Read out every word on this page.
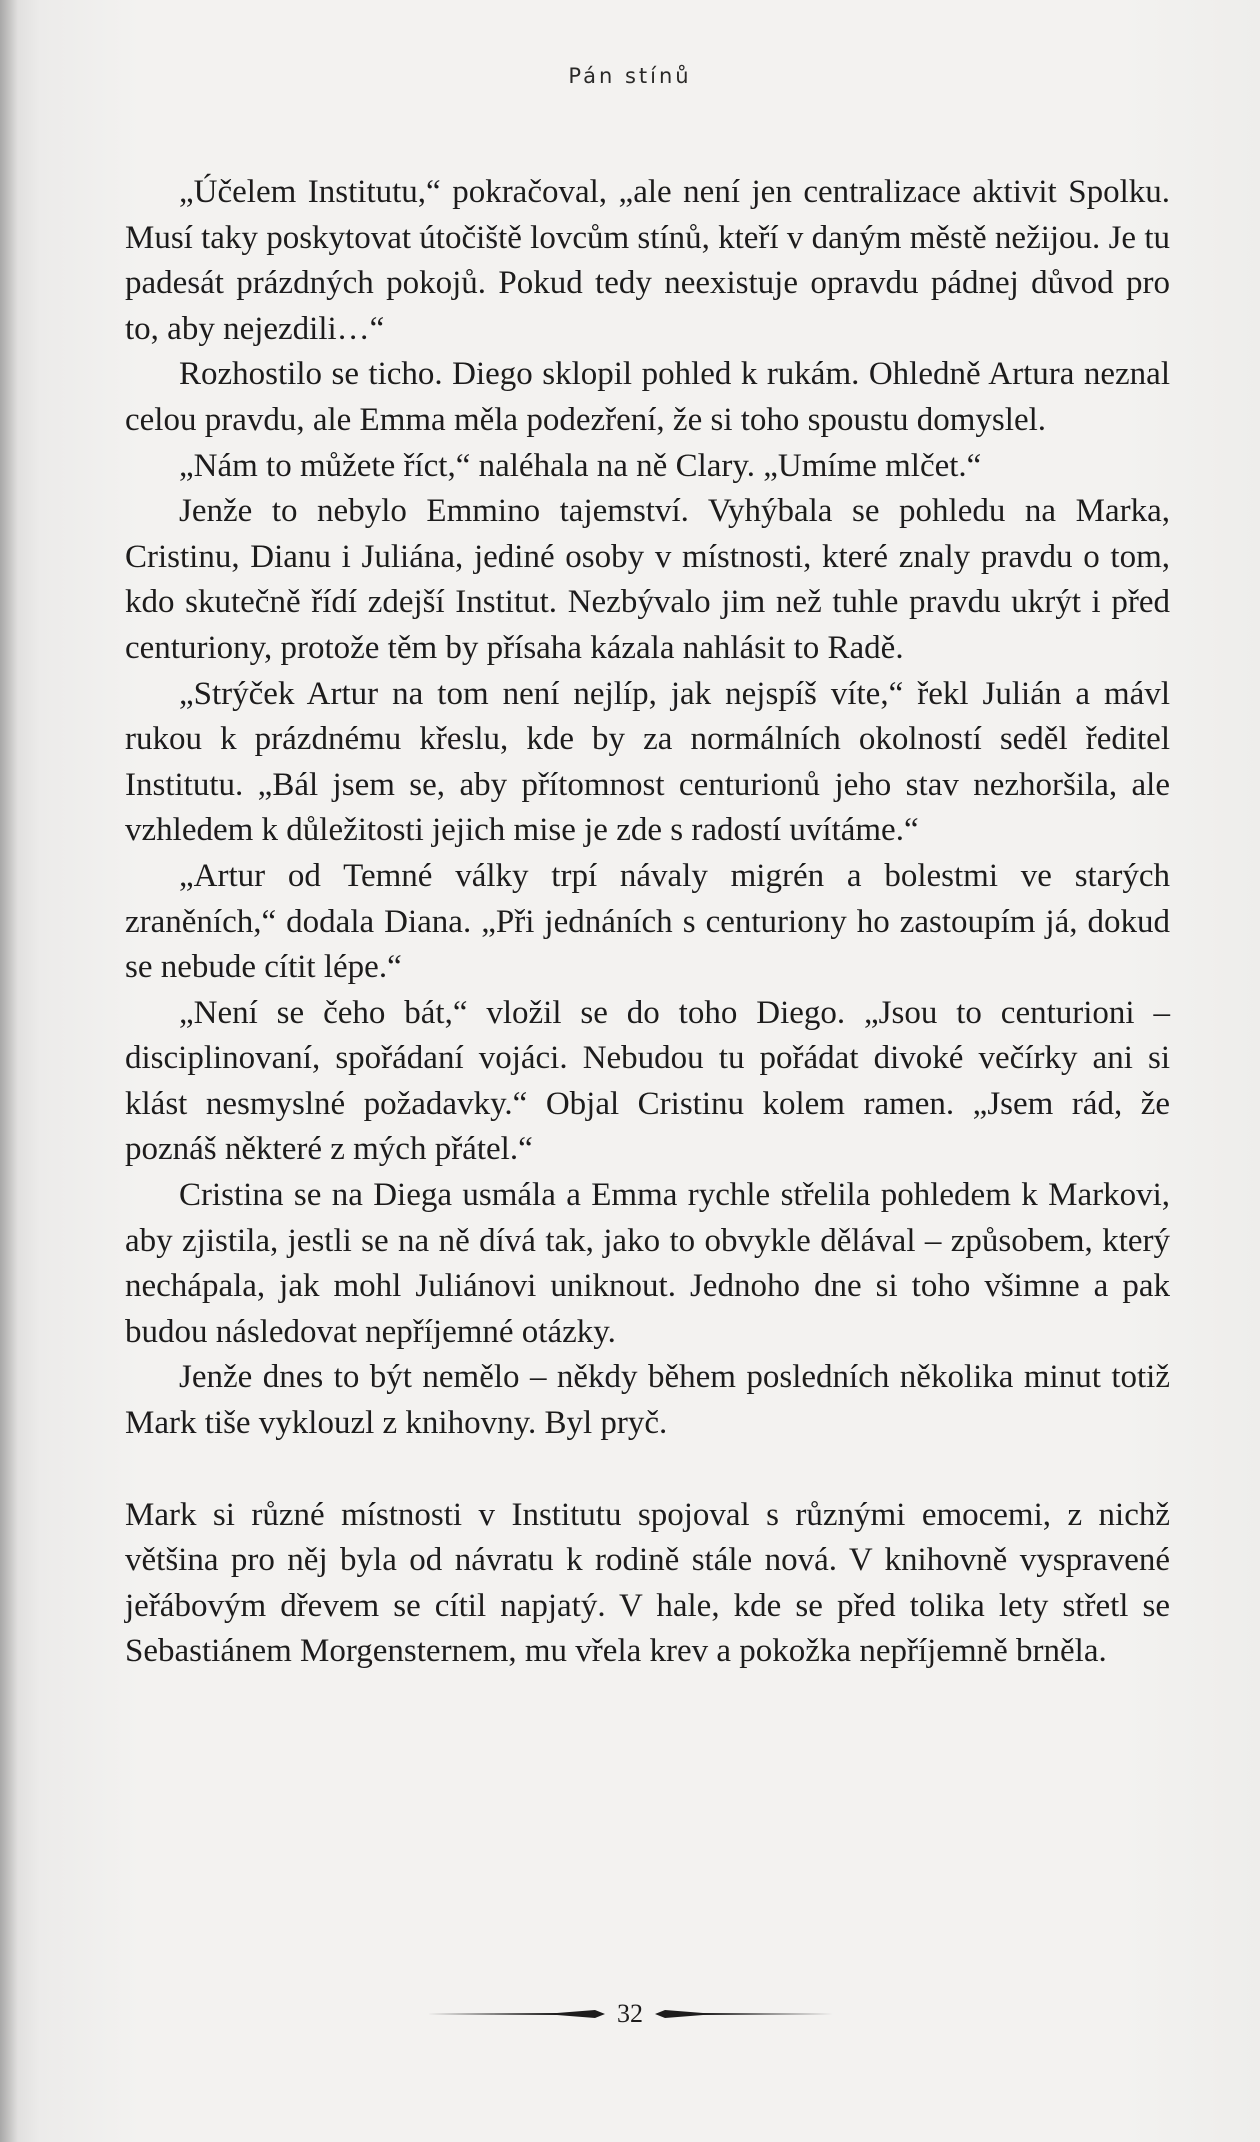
Pán stínů

„Účelem Institutu,“ pokračoval, „ale není jen centralizace aktivit Spolku. Musí taky poskytovat útočiště lovcům stínů, kteří v daným městě nežijou. Je tu padesát prázdných pokojů. Pokud tedy neexistuje opravdu pádnej důvod pro to, aby nejezdili…“

Rozhostilo se ticho. Diego sklopil pohled k rukám. Ohledně Artura neznal celou pravdu, ale Emma měla podezření, že si toho spoustu domyslel.

„Nám to můžete říct,“ naléhala na ně Clary. „Umíme mlčet.“

Jenže to nebylo Emmino tajemství. Vyhýbala se pohledu na Marka, Cristinu, Dianu i Juliána, jediné osoby v místnosti, které znaly pravdu o tom, kdo skutečně řídí zdejší Institut. Nezbývalo jim než tuhle pravdu ukrýt i před centuriony, protože těm by přísaha kázala nahlásit to Radě.

„Strýček Artur na tom není nejlíp, jak nejspíš víte,“ řekl Julián a mávl rukou k prázdnému křeslu, kde by za normálních okolností seděl ředitel Institutu. „Bál jsem se, aby přítomnost centurionů jeho stav nezhoršila, ale vzhledem k důležitosti jejich mise je zde s radostí uvítáme.“

„Artur od Temné války trpí návaly migrén a bolestmi ve starých zraněních,“ dodala Diana. „Při jednáních s centuriony ho zastoupím já, dokud se nebude cítit lépe.“

„Není se čeho bát,“ vložil se do toho Diego. „Jsou to centurioni – disciplinovaní, spořádaní vojáci. Nebudou tu pořádat divoké večírky ani si klást nesmyslné požadavky.“ Objal Cristinu kolem ramen. „Jsem rád, že poznáš některé z mých přátel.“

Cristina se na Diega usmála a Emma rychle střelila pohledem k Markovi, aby zjistila, jestli se na ně dívá tak, jako to obvykle dělával – způsobem, který nechápala, jak mohl Juliánovi uniknout. Jednoho dne si toho všimne a pak budou následovat nepříjemné otázky.

Jenže dnes to být nemělo – někdy během posledních několika minut totiž Mark tiše vyklouzl z knihovny. Byl pryč.

Mark si různé místnosti v Institutu spojoval s různými emocemi, z nichž většina pro něj byla od návratu k rodině stále nová. V knihovně vyspravené jeřábovým dřevem se cítil napjatý. V hale, kde se před tolika lety střetl se Sebastiánem Morgensternem, mu vřela krev a pokožka nepříjemně brněla.

32
